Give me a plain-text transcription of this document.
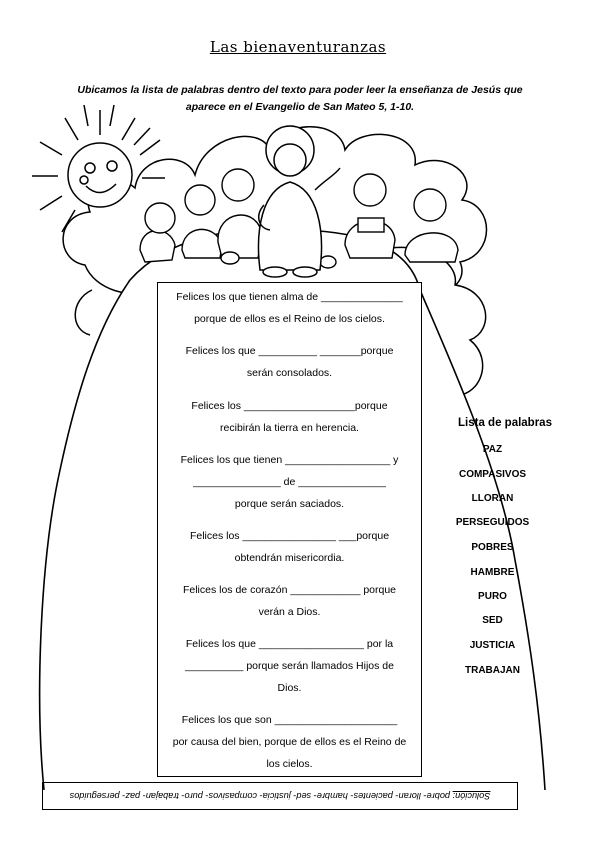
Las bienaventuranzas
Ubicamos la lista de palabras dentro del texto para poder leer la enseñanza de Jesús que
aparece en el Evangelio de San Mateo 5, 1-10.
Felices los que tienen alma de ______________
porque de ellos es el Reino de los cielos.
Felices los que __________ _______porque
serán consolados.
Felices los ___________________porque
recibirán la tierra en herencia.
Felices los que tienen __________________ y
_______________ de _______________
porque serán saciados.
Felices los ________________ ___porque
obtendrán misericordia.
Felices los de corazón ____________ porque
verán a Dios.
Felices los que __________________ por la
__________ porque serán llamados Hijos de
Dios.
Felices los que son _____________________
por causa del bien, porque de ellos es el Reino de
los cielos.
Lista de palabras
PAZ
COMPASIVOS
LLORAN
PERSEGUIDOS
POBRES
HAMBRE
PURO
SED
JUSTICIA
TRABAJAN
Solución: pobre- lloran- pacientes- hambre- sed- justicia- compasivos- puro- trabajan- paz- perseguidos
